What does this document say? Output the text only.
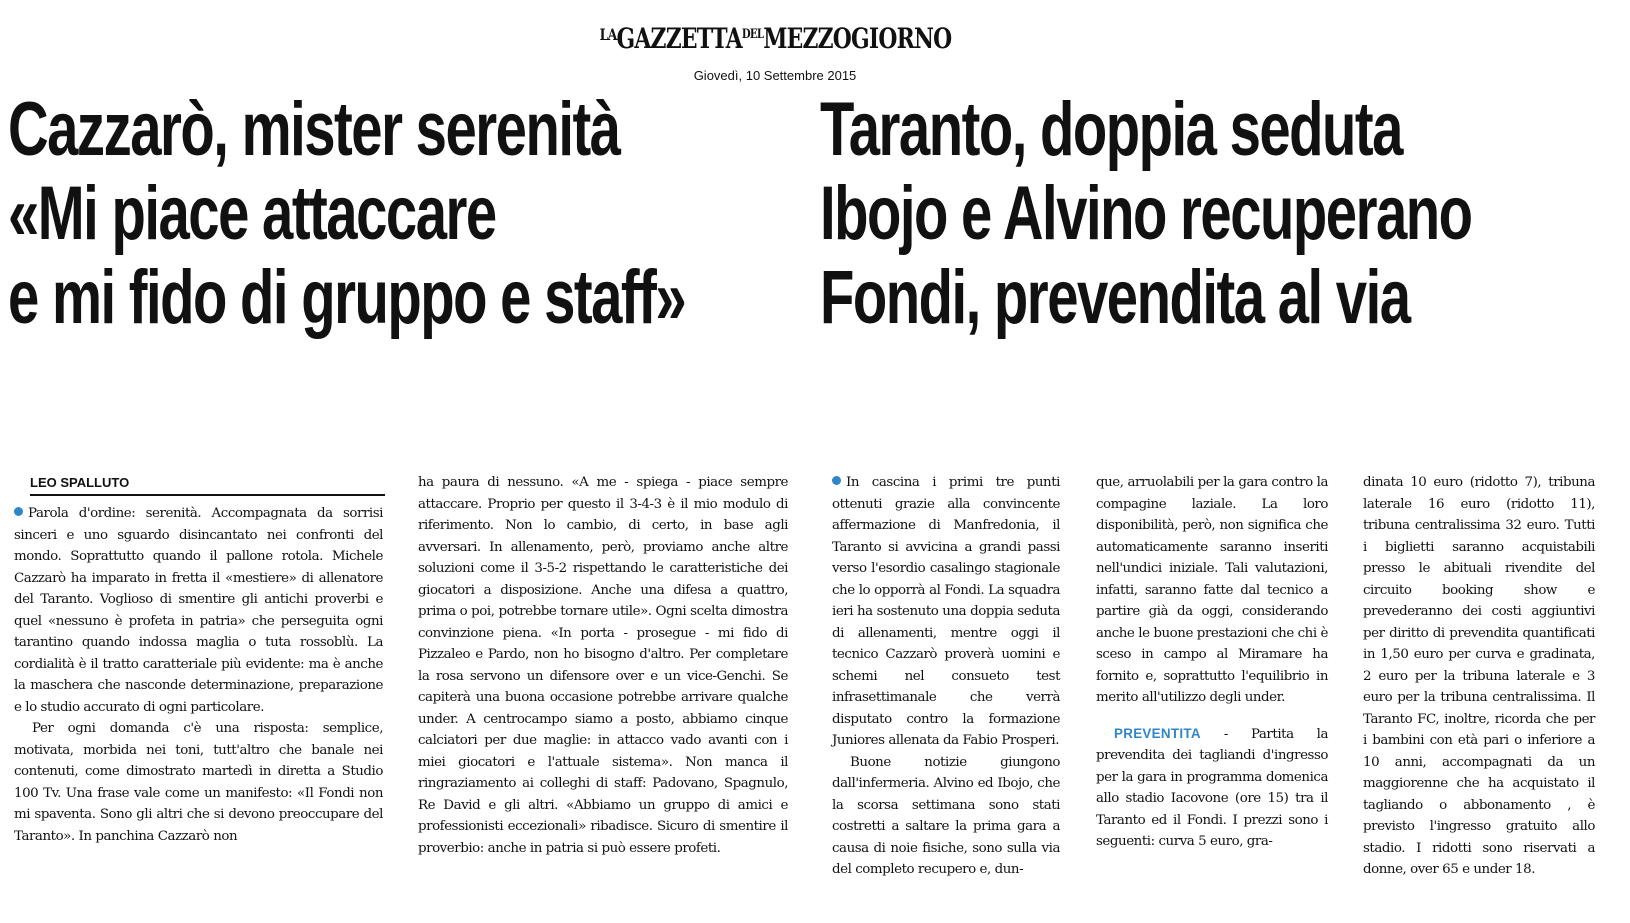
$^{LA}GAZZETTA^{DEL}MEZZOGIORNO$
Giovedì, 10 Settembre 2015
Cazzarò, mister serenità
«Mi piace attaccare
e mi fido di gruppo e staff»
Taranto, doppia seduta
Ibojo e Alvino recuperano
Fondi, prevendita al via
LEO SPALLUTO

Parola d'ordine: serenità. Accompagnata da sorrisi sinceri e uno sguardo disincantato nei confronti del mondo. Soprattutto quando il pallone rotola. Michele Cazzarò ha imparato in fretta il «mestiere» di allenatore del Taranto. Voglioso di smentire gli antichi proverbi e quel «nessuno è profeta in patria» che perseguita ogni tarantino quando indossa maglia o tuta rossoblù. La cordialità è il tratto caratteriale più evidente: ma è anche la maschera che nasconde determinazione, preparazione e lo studio accurato di ogni particolare.

Per ogni domanda c'è una risposta: semplice, motivata, morbida nei toni, tutt'altro che banale nei contenuti, come dimostrato martedì in diretta a Studio 100 Tv. Una frase vale come un manifesto: «Il Fondi non mi spaventa. Sono gli altri che si devono preoccupare del Taranto». In panchina Cazzarò non

ha paura di nessuno. «A me - spiega - piace sempre attaccare. Proprio per questo il 3-4-3 è il mio modulo di riferimento. Non lo cambio, di certo, in base agli avversari. In allenamento, però, proviamo anche altre soluzioni come il 3-5-2 rispettando le caratteristiche dei giocatori a disposizione. Anche una difesa a quattro, prima o poi, potrebbe tornare utile». Ogni scelta dimostra convinzione piena. «In porta - prosegue - mi fido di Pizzaleo e Pardo, non ho bisogno d'altro. Per completare la rosa servono un difensore over e un vice-Genchi. Se capiterà una buona occasione potrebbe arrivare qualche under. A centrocampo siamo a posto, abbiamo cinque calciatori per due maglie: in attacco vado avanti con i miei giocatori e l'attuale sistema». Non manca il ringraziamento ai colleghi di staff: Padovano, Spagnulo, Re David e gli altri. «Abbiamo un gruppo di amici e professionisti eccezionali» ribadisce. Sicuro di smentire il proverbio: anche in patria si può essere profeti.

In cascina i primi tre punti ottenuti grazie alla convincente affermazione di Manfredonia, il Taranto si avvicina a grandi passi verso l'esordio casalingo stagionale che lo opporrà al Fondi. La squadra ieri ha sostenuto una doppia seduta di allenamenti, mentre oggi il tecnico Cazzarò proverà uomini e schemi nel consueto test infrasettimanale che verrà disputato contro la formazione Juniores allenata da Fabio Prosperi.

Buone notizie giungono dall'infermeria. Alvino ed Ibojo, che la scorsa settimana sono stati costretti a saltare la prima gara a causa di noie fisiche, sono sulla via del completo recupero e, dun-

que, arruolabili per la gara contro la compagine laziale. La loro disponibilità, però, non significa che automaticamente saranno inseriti nell'undici iniziale. Tali valutazioni, infatti, saranno fatte dal tecnico a partire già da oggi, considerando anche le buone prestazioni che chi è sceso in campo al Miramare ha fornito e, soprattutto l'equilibrio in merito all'utilizzo degli under.

PREVENTITA - Partita la prevendita dei tagliandi d'ingresso per la gara in programma domenica allo stadio Iacovone (ore 15) tra il Taranto ed il Fondi. I prezzi sono i seguenti: curva 5 euro, gra-

dinata 10 euro (ridotto 7), tribuna laterale 16 euro (ridotto 11), tribuna centralissima 32 euro. Tutti i biglietti saranno acquistabili presso le abituali rivendite del circuito booking show e prevederanno dei costi aggiuntivi per diritto di prevendita quantificati in 1,50 euro per curva e gradinata, 2 euro per la tribuna laterale e 3 euro per la tribuna centralissima. Il Taranto FC, inoltre, ricorda che per i bambini con età pari o inferiore a 10 anni, accompagnati da un maggiorenne che ha acquistato il tagliando o abbonamento , è previsto l'ingresso gratuito allo stadio. I ridotti sono riservati a donne, over 65 e under 18.
